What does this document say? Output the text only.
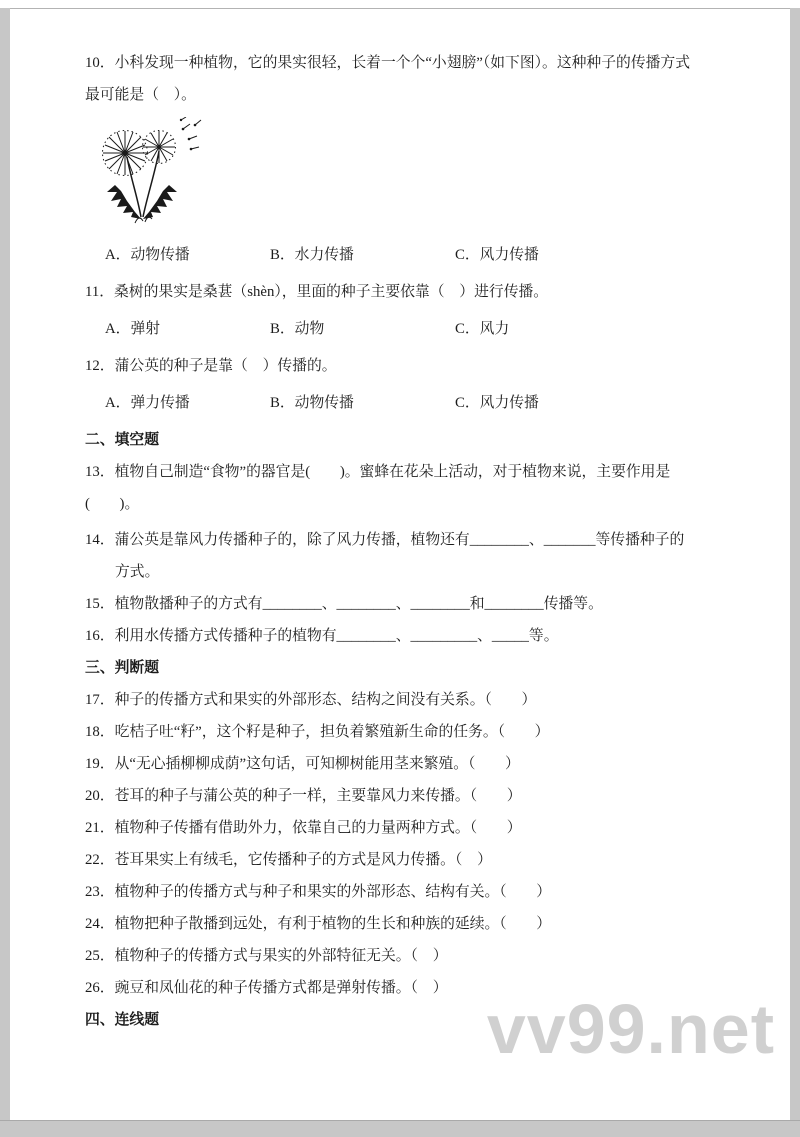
vv99.net
10．小科发现一种植物，它的果实很轻，长着一个个“小翅膀”（如下图）。这种种子的传播方式
最可能是（　）。
A．动物传播	B．水力传播	C．风力传播
11．桑树的果实是桑葚（shèn），里面的种子主要依靠（　）进行传播。
A．弹射	B．动物	C．风力
12．蒲公英的种子是靠（　）传播的。
A．弹力传播	B．动物传播	C．风力传播
二、填空题
13．植物自己制造“食物”的器官是(　　)。蜜蜂在花朵上活动，对于植物来说，主要作用是
(　　)。
14．蒲公英是靠风力传播种子的，除了风力传播，植物还有________、_______等传播种子的
方式。
15．植物散播种子的方式有________、________、________和________传播等。
16．利用水传播方式传播种子的植物有________、_________、_____等。
三、判断题
17．种子的传播方式和果实的外部形态、结构之间没有关系。（　　）
18．吃桔子吐“籽”，这个籽是种子，担负着繁殖新生命的任务。（　　）
19．从“无心插柳柳成荫”这句话，可知柳树能用茎来繁殖。（　　）
20．苍耳的种子与蒲公英的种子一样，主要靠风力来传播。（　　）
21．植物种子传播有借助外力，依靠自己的力量两种方式。（　　）
22．苍耳果实上有绒毛，它传播种子的方式是风力传播。（　）
23．植物种子的传播方式与种子和果实的外部形态、结构有关。（　　）
24．植物把种子散播到远处，有利于植物的生长和种族的延续。（　　）
25．植物种子的传播方式与果实的外部特征无关。（　）
26．豌豆和凤仙花的种子传播方式都是弹射传播。（　）
四、连线题
